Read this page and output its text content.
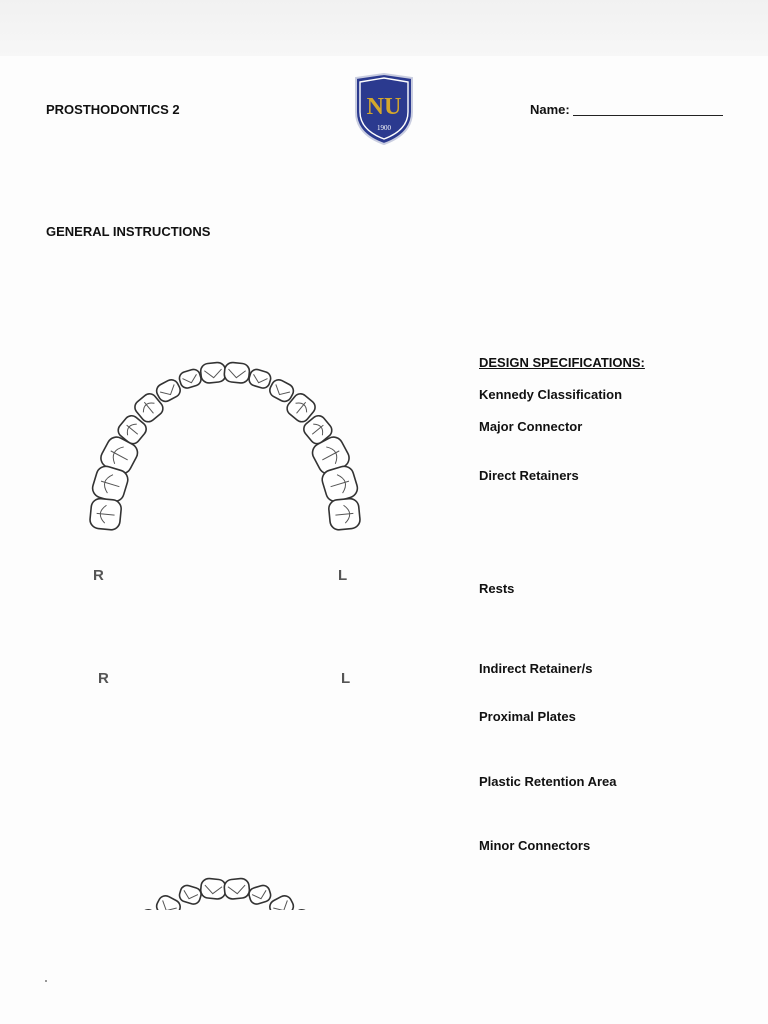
PROSTHODONTICS 2	NU
1900
Name:
GENERAL INSTRUCTIONS
R	L
R	L
DESIGN SPECIFICATIONS:
Kennedy Classification
Major Connector
Direct Retainers
Rests
Indirect Retainer/s
Proximal Plates
Plastic Retention Area
Minor Connectors
